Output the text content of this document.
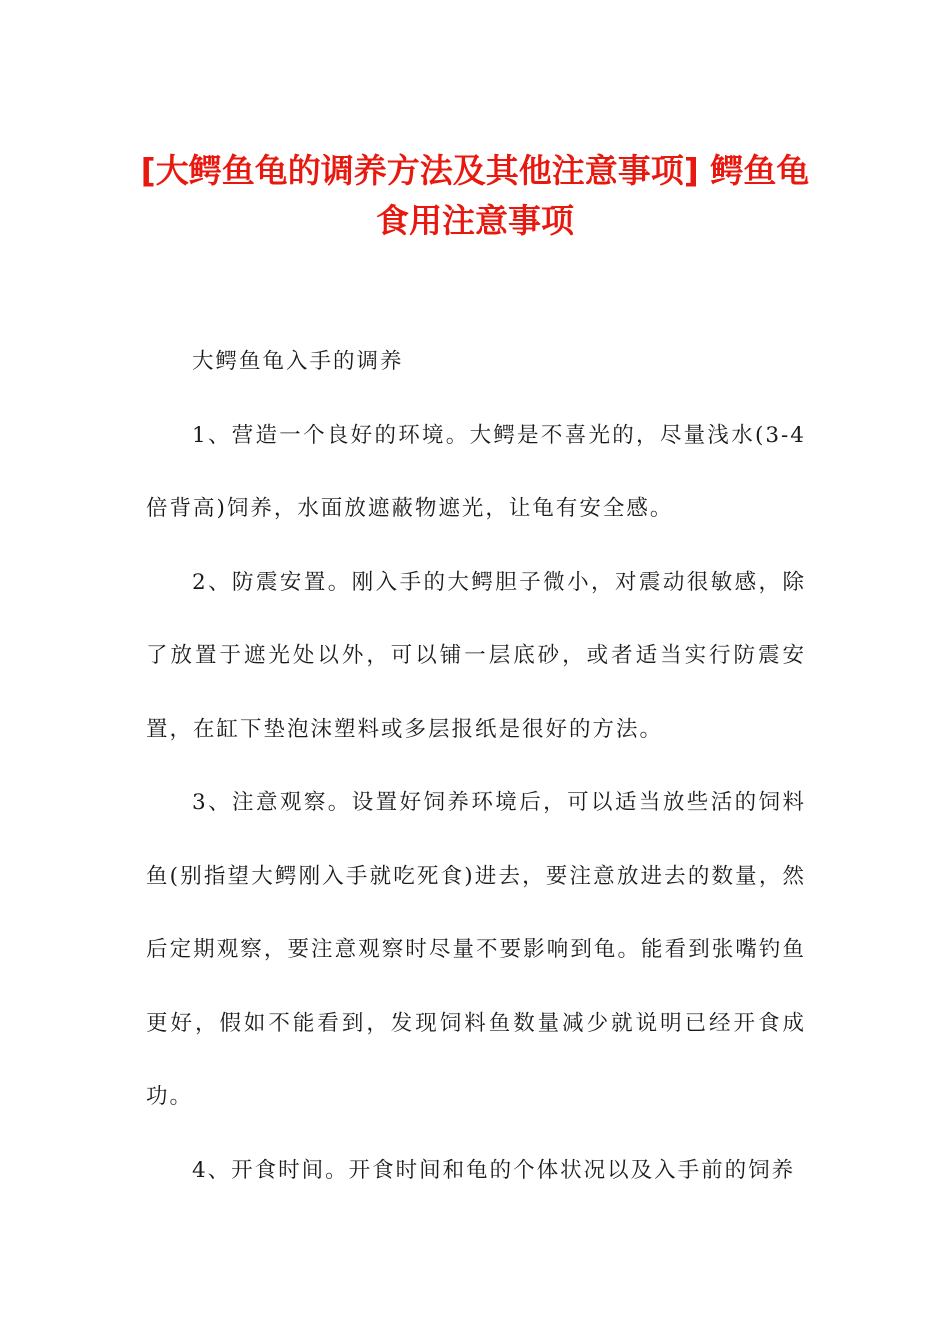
[大鳄鱼龟的调养方法及其他注意事项] 鳄鱼龟食用注意事项

大鳄鱼龟入手的调养

1、营造一个良好的环境。大鳄是不喜光的，尽量浅水(3-4倍背高)饲养，水面放遮蔽物遮光，让龟有安全感。

2、防震安置。刚入手的大鳄胆子微小，对震动很敏感，除了放置于遮光处以外，可以铺一层底砂，或者适当实行防震安置，在缸下垫泡沫塑料或多层报纸是很好的方法。

3、注意观察。设置好饲养环境后，可以适当放些活的饲料鱼(别指望大鳄刚入手就吃死食)进去，要注意放进去的数量，然后定期观察，要注意观察时尽量不要影响到龟。能看到张嘴钓鱼更好，假如不能看到，发现饲料鱼数量减少就说明已经开食成功。

4、开食时间。开食时间和龟的个体状况以及入手前的饲养
